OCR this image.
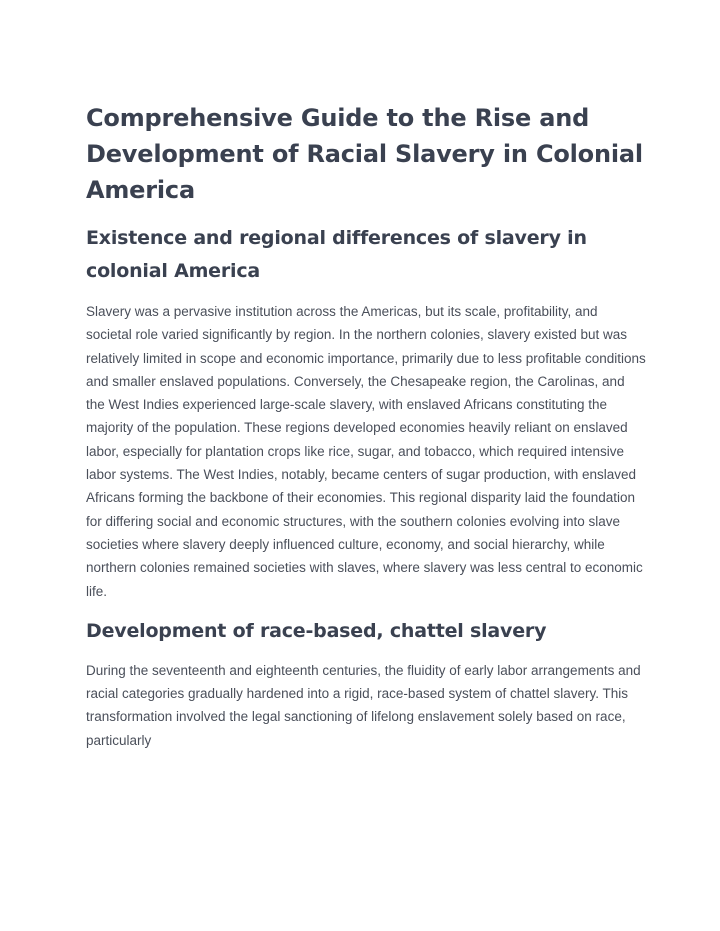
Comprehensive Guide to the Rise and Development of Racial Slavery in Colonial America
Existence and regional differences of slavery in colonial America

Slavery was a pervasive institution across the Americas, but its scale, profitability, and societal role varied significantly by region. In the northern colonies, slavery existed but was relatively limited in scope and economic importance, primarily due to less profitable conditions and smaller enslaved populations. Conversely, the Chesapeake region, the Carolinas, and the West Indies experienced large-scale slavery, with enslaved Africans constituting the majority of the population. These regions developed economies heavily reliant on enslaved labor, especially for plantation crops like rice, sugar, and tobacco, which required intensive labor systems. The West Indies, notably, became centers of sugar production, with enslaved Africans forming the backbone of their economies. This regional disparity laid the foundation for differing social and economic structures, with the southern colonies evolving into slave societies where slavery deeply influenced culture, economy, and social hierarchy, while northern colonies remained societies with slaves, where slavery was less central to economic life.

Development of race-based, chattel slavery

During the seventeenth and eighteenth centuries, the fluidity of early labor arrangements and racial categories gradually hardened into a rigid, race-based system of chattel slavery. This transformation involved the legal sanctioning of lifelong enslavement solely based on race, particularly
